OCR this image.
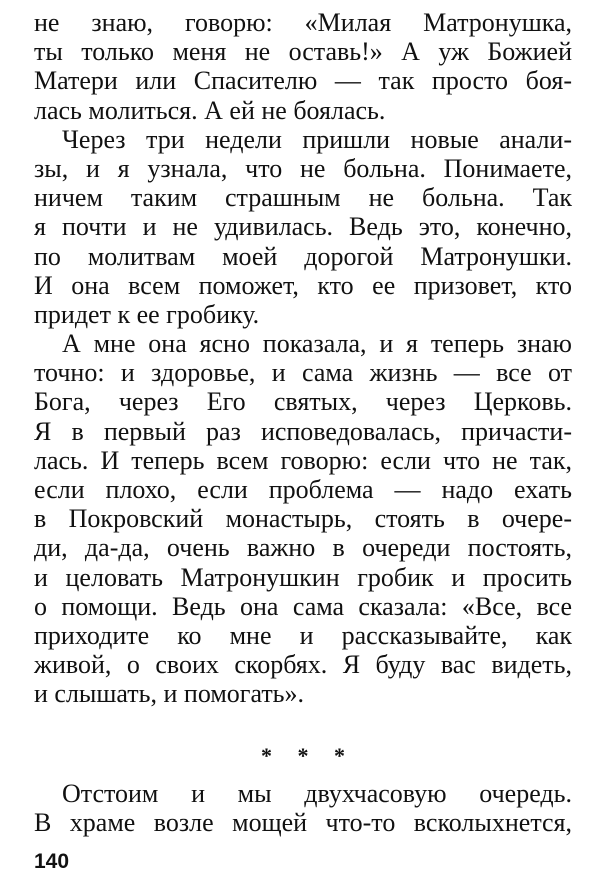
не знаю, говорю: «Милая Матронушка,
ты только меня не оставь!» А уж Божией
Матери или Спасителю — так просто боя-
лась молиться. А ей не боялась.
Через три недели пришли новые анали-
зы, и я узнала, что не больна. Понимаете,
ничем таким страшным не больна. Так
я почти и не удивилась. Ведь это, конечно,
по молитвам моей дорогой Матронушки.
И она всем поможет, кто ее призовет, кто
придет к ее гробику.
А мне она ясно показала, и я теперь знаю
точно: и здоровье, и сама жизнь — все от
Бога, через Его святых, через Церковь.
Я в первый раз исповедовалась, причасти-
лась. И теперь всем говорю: если что не так,
если плохо, если проблема — надо ехать
в Покровский монастырь, стоять в очере-
ди, да-да, очень важно в очереди постоять,
и целовать Матронушкин гробик и просить
о помощи. Ведь она сама сказала: «Все, все
приходите ко мне и рассказывайте, как
живой, о своих скорбях. Я буду вас видеть,
и слышать, и помогать».
* * *
Отстоим и мы двухчасовую очередь.
В храме возле мощей что-то всколыхнется,
140
